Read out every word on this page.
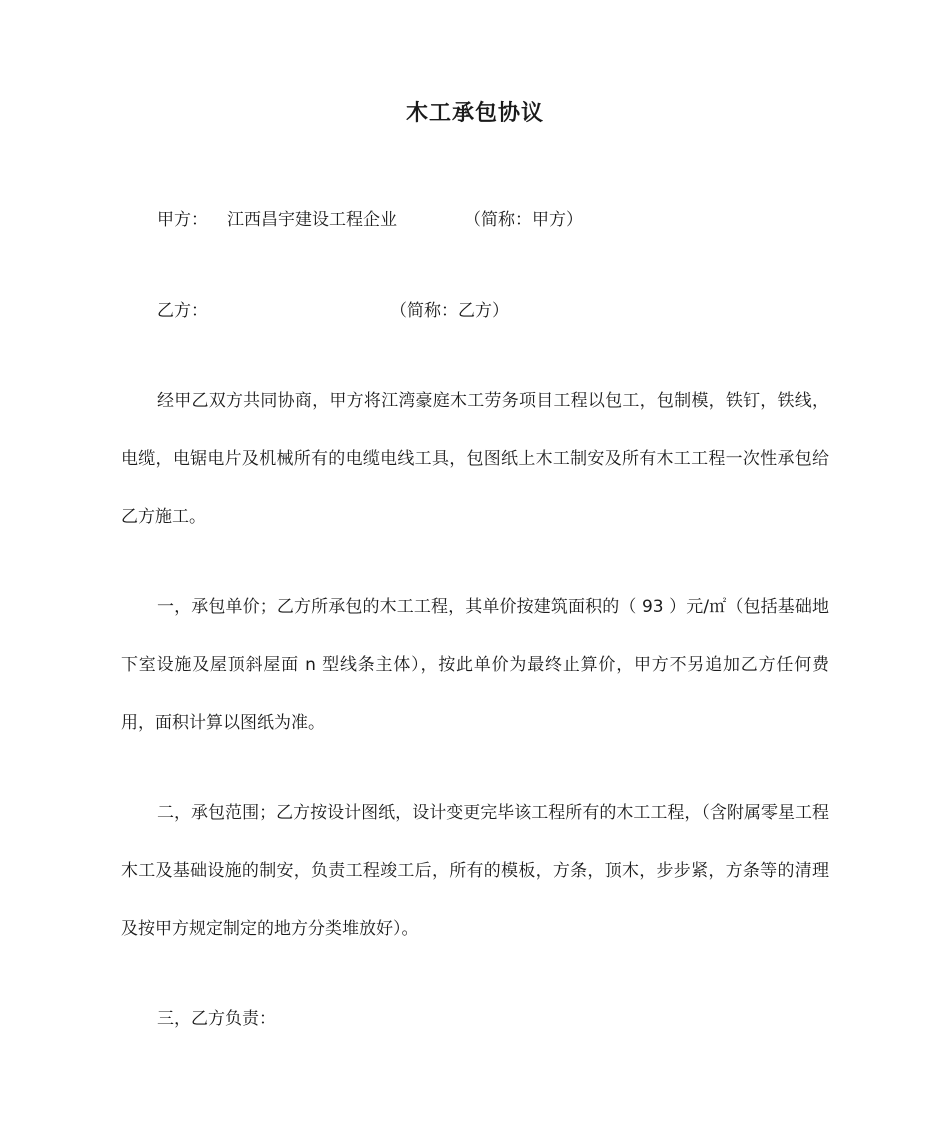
木工承包协议
甲方： 江西昌宇建设工程企业	（简称：甲方）
乙方：	（简称：乙方）

经甲乙双方共同协商，甲方将江湾豪庭木工劳务项目工程以包工，包制模，铁钉，铁线，电缆，电锯电片及机械所有的电缆电线工具，包图纸上木工制安及所有木工工程一次性承包给乙方施工。

一，承包单价；乙方所承包的木工工程，其单价按建筑面积的（ 93 ）元/㎡（包括基础地下室设施及屋顶斜屋面 n 型线条主体），按此单价为最终止算价，甲方不另追加乙方任何费用，面积计算以图纸为准。

二，承包范围；乙方按设计图纸，设计变更完毕该工程所有的木工工程，（含附属零星工程木工及基础设施的制安，负责工程竣工后，所有的模板，方条，顶木，步步紧，方条等的清理及按甲方规定制定的地方分类堆放好）。

三，乙方负责：
